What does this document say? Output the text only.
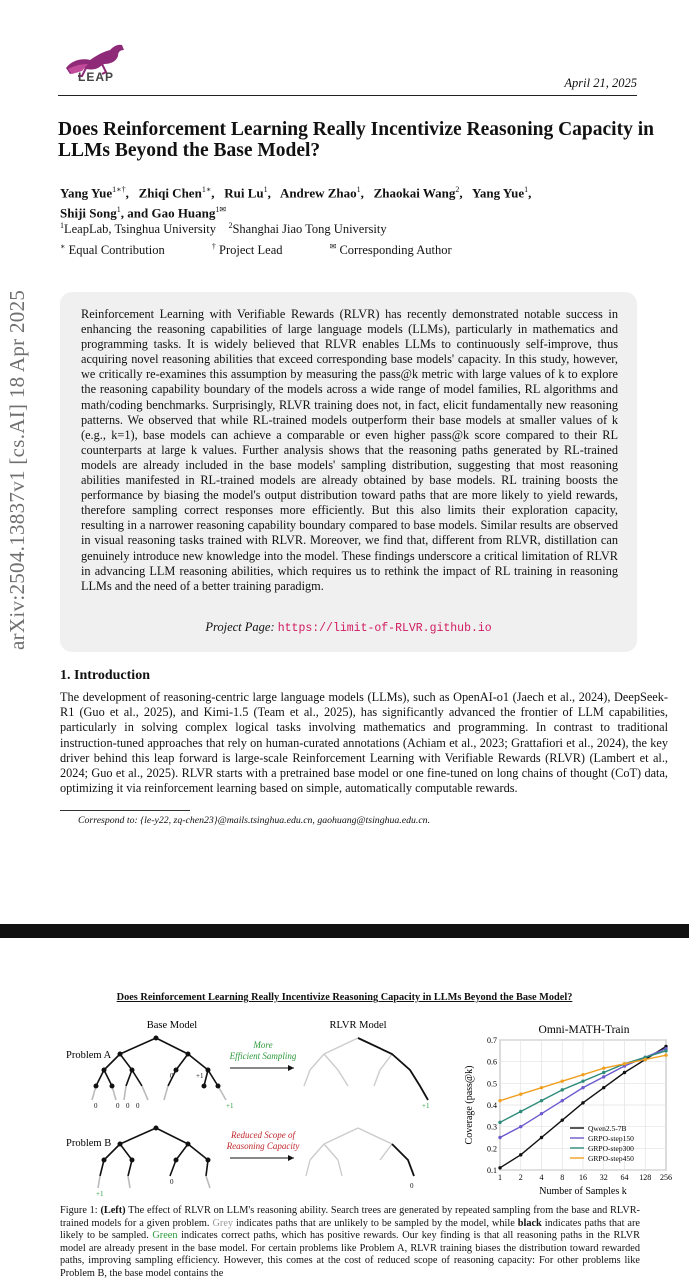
LEAP	April 21, 2025
arXiv:2504.13837v1 [cs.AI] 18 Apr 2025
Does Reinforcement Learning Really Incentivize Reasoning Capacity in LLMs Beyond the Base Model?
Yang Yue$^{1∗\dagger}$,   Zhiqi Chen$^{1∗}$,   Rui Lu$^1$,   Andrew Zhao$^1$,   Zhaokai Wang$^2$,   Yang Yue$^1$,
Shiji Song$^1$, and Gao Huang$^{1✉}$
$^1$LeapLab, Tsinghua University $^2$Shanghai Jiao Tong University
∗ Equal Contribution	† Project Lead	✉ Corresponding Author

Reinforcement Learning with Verifiable Rewards (RLVR) has recently demonstrated notable success in enhancing the reasoning capabilities of large language models (LLMs), particularly in mathematics and programming tasks. It is widely believed that RLVR enables LLMs to continuously self-improve, thus acquiring novel reasoning abilities that exceed corresponding base models' capacity. In this study, however, we critically re-examines this assumption by measuring the pass@k metric with large values of k to explore the reasoning capability boundary of the models across a wide range of model families, RL algorithms and math/coding benchmarks. Surprisingly, RLVR training does not, in fact, elicit fundamentally new reasoning patterns. We observed that while RL-trained models outperform their base models at smaller values of k (e.g., k=1), base models can achieve a comparable or even higher pass@k score compared to their RL counterparts at large k values. Further analysis shows that the reasoning paths generated by RL-trained models are already included in the base models' sampling distribution, suggesting that most reasoning abilities manifested in RL-trained models are already obtained by base models. RL training boosts the performance by biasing the model's output distribution toward paths that are more likely to yield rewards, therefore sampling correct responses more efficiently. But this also limits their exploration capacity, resulting in a narrower reasoning capability boundary compared to base models. Similar results are observed in visual reasoning tasks trained with RLVR. Moreover, we find that, different from RLVR, distillation can genuinely introduce new knowledge into the model. These findings underscore a critical limitation of RLVR in advancing LLM reasoning abilities, which requires us to rethink the impact of RL training in reasoning LLMs and the need of a better training paradigm.

Project Page: https://limit-of-RLVR.github.io
1. Introduction

The development of reasoning-centric large language models (LLMs), such as OpenAI-o1 (Jaech et al., 2024), DeepSeek-R1 (Guo et al., 2025), and Kimi-1.5 (Team et al., 2025), has significantly advanced the frontier of LLM capabilities, particularly in solving complex logical tasks involving mathematics and programming. In contrast to traditional instruction-tuned approaches that rely on human-curated annotations (Achiam et al., 2023; Grattafiori et al., 2024), the key driver behind this leap forward is large-scale Reinforcement Learning with Verifiable Rewards (RLVR) (Lambert et al., 2024; Guo et al., 2025). RLVR starts with a pretrained base model or one fine-tuned on long chains of thought (CoT) data, optimizing it via reinforcement learning based on simple, automatically computable rewards.

Correspond to: {le-y22, zq-chen23}@mails.tsinghua.edu.cn, gaohuang@tsinghua.edu.cn.
Does Reinforcement Learning Really Incentivize Reasoning Capacity in LLMs Beyond the Base Model?
Base Model	RLVR Model
Problem A
Problem B
0	0 0 0
0	+1
+1
More
Efficient Sampling
+1
+1
0
Reduced Scope of
Reasoning Capacity
0
Omni-MATH-Train
Coverage (pass@k)
Number of Samples k
0.1
0.2
0.3
0.4
0.5
0.6
0.7
1 2 4 8 16 32 64 128 256
Qwen2.5-7B
GRPO-step150
GRPO-step300
GRPO-step450

Figure 1: (Left) The effect of RLVR on LLM's reasoning ability. Search trees are generated by repeated sampling from the base and RLVR-trained models for a given problem. Grey indicates paths that are unlikely to be sampled by the model, while black indicates paths that are likely to be sampled. Green indicates correct paths, which has positive rewards. Our key finding is that all reasoning paths in the RLVR model are already present in the base model. For certain problems like Problem A, RLVR training biases the distribution toward rewarded paths, improving sampling efficiency. However, this comes at the cost of reduced scope of reasoning capacity: For other problems like Problem B, the base model contains the
